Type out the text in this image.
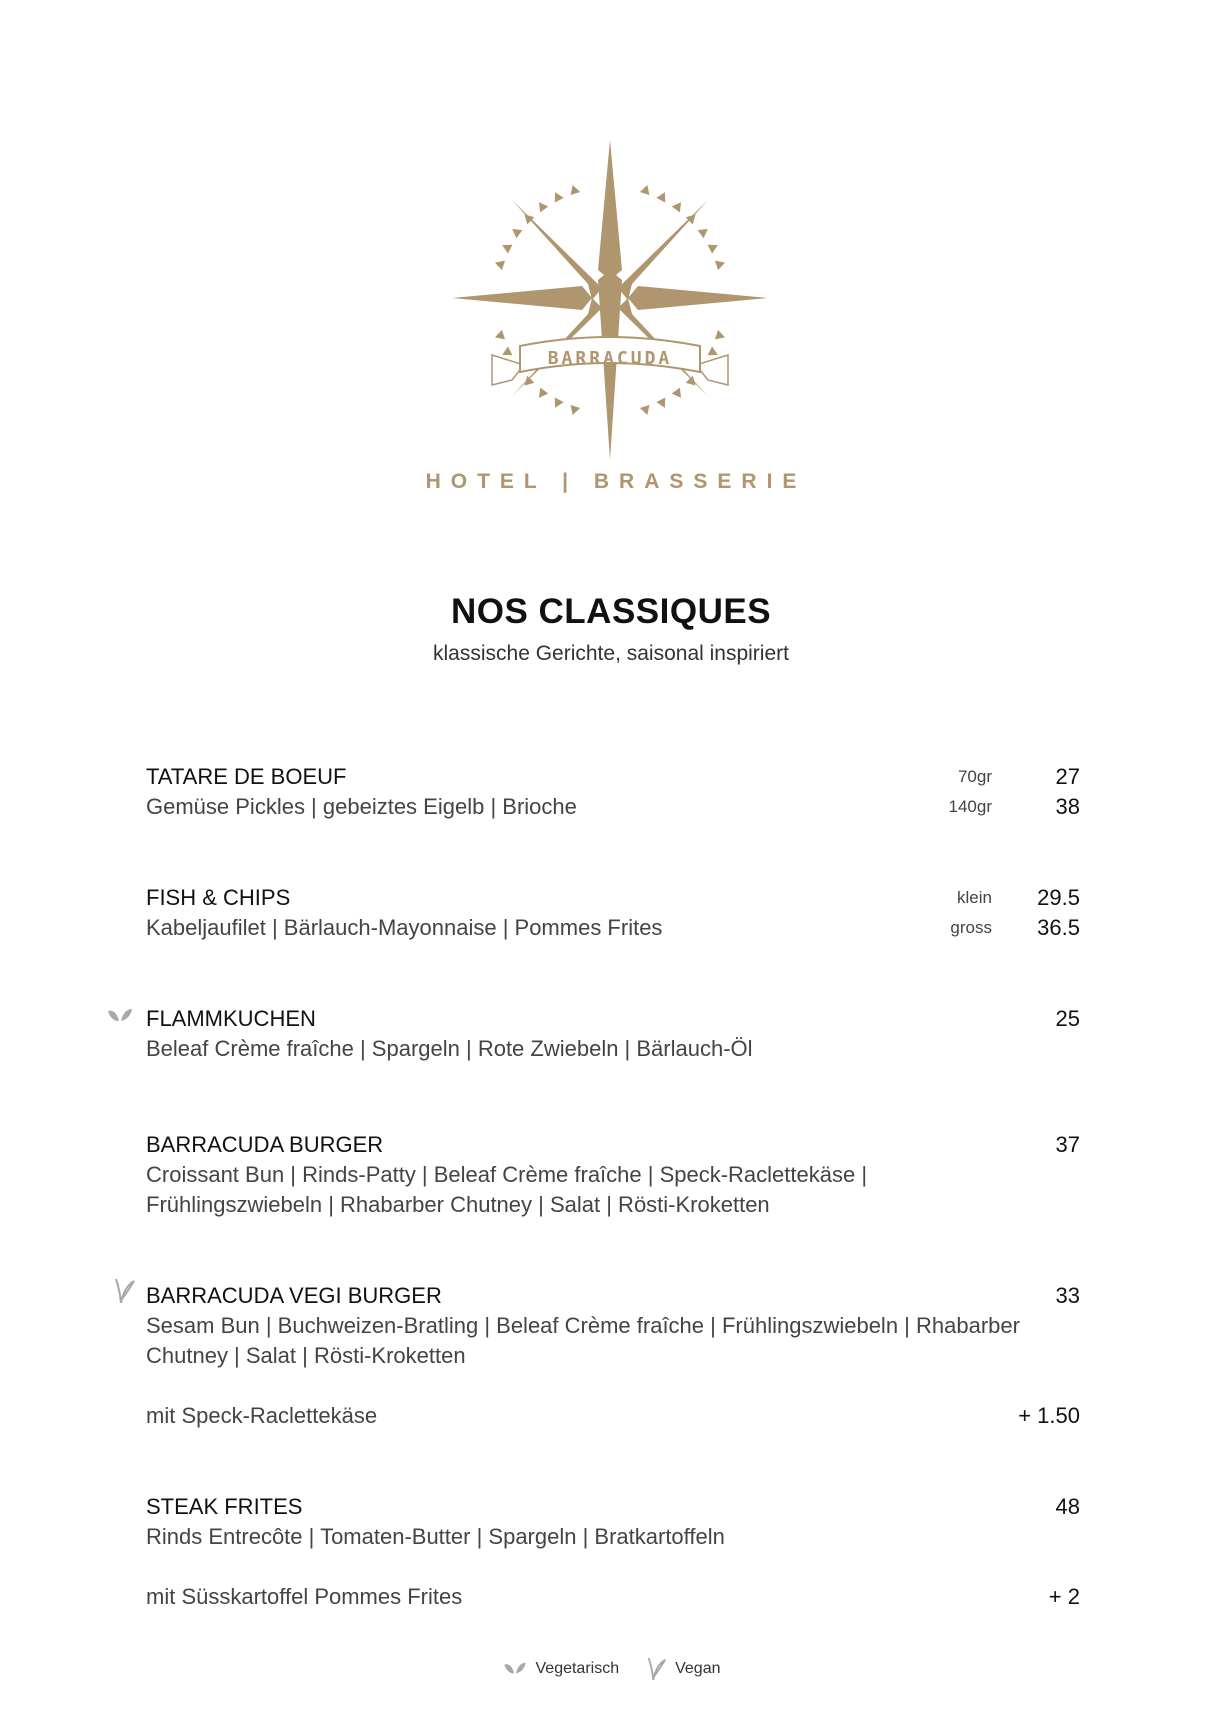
BARRACUDA
HOTEL | BRASSERIE
NOS CLASSIQUES
klassische Gerichte, saisonal inspiriert
TATARE DE BOEUF
Gemüse Pickles | gebeiztes Eigelb | Brioche
70gr
140gr
27
38
FISH & CHIPS
Kabeljaufilet | Bärlauch-Mayonnaise | Pommes Frites
klein
gross
29.5
36.5
FLAMMKUCHEN
Beleaf Crème fraîche | Spargeln | Rote Zwiebeln | Bärlauch-Öl
25
BARRACUDA BURGER
Croissant Bun | Rinds-Patty | Beleaf Crème fraîche | Speck-Raclettekäse | Frühlingszwiebeln | Rhabarber Chutney | Salat | Rösti-Kroketten
37
BARRACUDA VEGI BURGER
Sesam Bun | Buchweizen-Bratling | Beleaf Crème fraîche | Frühlingszwiebeln | Rhabarber Chutney | Salat | Rösti-Kroketten
mit Speck-Raclettekäse
33
+ 1.50
STEAK FRITES
Rinds Entrecôte | Tomaten-Butter | Spargeln | Bratkartoffeln
mit Süsskartoffel Pommes Frites
48
+ 2
Vegetarisch	Vegan
